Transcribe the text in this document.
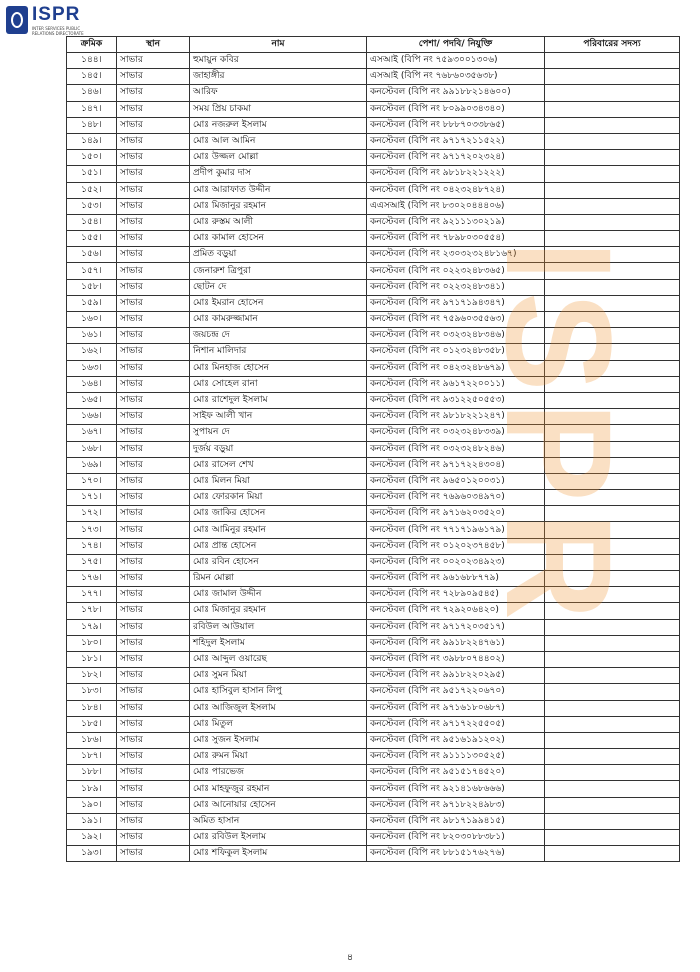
ISPR
INTER SERVICES PUBLIC RELATIONS DIRECTORATE
ক্রমিক	স্থান	নাম	পেশা/ পদবি/ নিযুক্তি	পরিবারের সদস্য
১৪৪।	সাভার	হুমায়ুন কবির	এসআই (বিপি নং ৭৫৯৩০০১৩০৬)	
১৪৫।	সাভার	জাহাঙ্গীর	এসআই (বিপি নং ৭৬৮৬০৩৫৬৩৮)	
১৪৬।	সাভার	আরিফ	কনস্টেবল (বিপি নং ৯৯১৮৮২১৪৬০০)	
১৪৭।	সাভার	সময় প্রিয় চাকমা	কনস্টেবল (বিপি নং ৮০৯৯০৩৪৩৪০)	
১৪৮।	সাভার	মোঃ নজরুল ইসলাম	কনস্টেবল (বিপি নং ৮৮৮৭০৩৩৮৬৫)	
১৪৯।	সাভার	মোঃ আল আমিন	কনস্টেবল (বিপি নং ৯৭১৭২১১৫২২)	
১৫০।	সাভার	মোঃ উজ্জল মোল্লা	কনস্টেবল (বিপি নং ৯৭১৭২০২৩২৪)	
১৫১।	সাভার	প্রদীপ কুমার দাস	কনস্টেবল (বিপি নং ৯৮১৮২২১২২২)	
১৫২।	সাভার	মোঃ আরাফাত উদ্দীন	কনস্টেবল (বিপি নং ০৪২৩২৪৮৭২৪)	
১৫৩।	সাভার	মোঃ মিজানুর রহমান	এএসআই (বিপি নং ৮৩০২০৪৪৪০৬)	
১৫৪।	সাভার	মোঃ রুস্তম আলী	কনস্টেবল (বিপি নং ৯২১১১৩০২১৯)	
১৫৫।	সাভার	মোঃ কামাল হোসেন	কনস্টেবল (বিপি নং ৭৮৯৮০৩০৫৫৪)	
১৫৬।	সাভার	প্রমিত বড়ুয়া	কনস্টেবল (বিপি নং ২৩০৩২৩২৪৮১৬৭)	
১৫৭।	সাভার	জেনারুশ ত্রিপুরা	কনস্টেবল (বিপি নং ০২২৩২৪৮৩৬৫)	
১৫৮।	সাভার	ছোটন দে	কনস্টেবল (বিপি নং ০২২৩২৪৮৩৪১)	
১৫৯।	সাভার	মোঃ ইমরান হোসেন	কনস্টেবল (বিপি নং ৯৭১৭১৯৪৩৪৭)	
১৬০।	সাভার	মোঃ কামরুজ্জামান	কনস্টেবল (বিপি নং ৭৫৯৬০৩৫৫৬৩)	
১৬১।	সাভার	জয়চন্দ্র দে	কনস্টেবল (বিপি নং ০৩২৩২৪৮৩৪৬)	
১৬২।	সাভার	নিশান মালিদার	কনস্টেবল (বিপি নং ০১২৩২৪৮৩৫৮)	
১৬৩।	সাভার	মোঃ মিনহাজ হোসেন	কনস্টেবল (বিপি নং ০৪২৩২৪৮৬৭৯)	
১৬৪।	সাভার	মোঃ সোহেল রানা	কনস্টেবল (বিপি নং ৯৬১৭২২০০১১)	
১৬৫।	সাভার	মোঃ রাশেদুল ইসলাম	কনস্টেবল (বিপি নং ৯৩১২২৫০৫৫৩)	
১৬৬।	সাভার	সাইফ আলী খান	কনস্টেবল (বিপি নং ৯৮১৮২২১২৪৭)	
১৬৭।	সাভার	সুপায়ন দে	কনস্টেবল (বিপি নং ০৩২৩২৪৮৩৩৯)	
১৬৮।	সাভার	দুর্জয় বড়ুয়া	কনস্টেবল (বিপি নং ০৩২৩২৪৮২৪৬)	
১৬৯।	সাভার	মোঃ রাসেল শেখ	কনস্টেবল (বিপি নং ৯৭১৭২২৪৩০৪)	
১৭০।	সাভার	মোঃ মিলন মিয়া	কনস্টেবল (বিপি নং ৯৬৫০১২০০৩১)	
১৭১।	সাভার	মোঃ ফোরকান মিয়া	কনস্টেবল (বিপি নং ৭৬৯৬০৩৪৯৭০)	
১৭২।	সাভার	মোঃ জাকির হোসেন	কনস্টেবল (বিপি নং ৯৭১৬২০৩৫২০)	
১৭৩।	সাভার	মোঃ আমিনুর রহমান	কনস্টেবল (বিপি নং ৭৭১৭১৯৬১৭৯)	
১৭৪।	সাভার	মোঃ প্রান্ত হোসেন	কনস্টেবল (বিপি নং ০১২০২৩৭৪৫৮)	
১৭৫।	সাভার	মোঃ রবিন হোসেন	কনস্টেবল (বিপি নং ০০২০২৩৪৯২৩)	
১৭৬।	সাভার	রিমন মোল্লা	কনস্টেবল (বিপি নং ৯৬১৬৮৮৭৭৯)	
১৭৭।	সাভার	মোঃ জামাল উদ্দীন	কনস্টেবল (বিপি নং ৭২৮৯০৯৫৪৫)	
১৭৮।	সাভার	মোঃ মিজানুর রহমান	কনস্টেবল (বিপি নং ৭২৯২০৬৪২০)	
১৭৯।	সাভার	রবিউল আউয়াল	কনস্টেবল (বিপি নং ৯৭১৭২০৩৫১৭)	
১৮০।	সাভার	শহিদুল ইসলাম	কনস্টেবল (বিপি নং ৯৯১৮২২৪৭৬১)	
১৮১।	সাভার	মোঃ আব্দুল ওয়ারেছ	কনস্টেবল (বিপি নং ৩৯৮৮০৭৪৪০২)	
১৮২।	সাভার	মোঃ সুমন মিয়া	কনস্টেবল (বিপি নং ৯৯১৮২২০২৯৫)	
১৮৩।	সাভার	মোঃ হাসিবুল হাসান লিপু	কনস্টেবল (বিপি নং ৯৫১৭২২০৬৭০)	
১৮৪।	সাভার	মোঃ আজিজুল ইসলাম	কনস্টেবল (বিপি নং ৯৭১৬১৮০৬৮৭)	
১৮৫।	সাভার	মোঃ মিতুল	কনস্টেবল (বিপি নং ৯৭১৭২২৫৫০৫)	
১৮৬।	সাভার	মোঃ সুজন ইসলাম	কনস্টেবল (বিপি নং ৯৫১৬১৯১২০২)	
১৮৭।	সাভার	মোঃ রুমন মিয়া	কনস্টেবল (বিপি নং ৯১১১১৩০৫২৫)	
১৮৮।	সাভার	মোঃ পারভেজ	কনস্টেবল (বিপি নং ৯৫১৫১৭৪৫২০)	
১৮৯।	সাভার	মোঃ মাহফুজুর রহমান	কনস্টেবল (বিপি নং ৯২১৪১৬৮৬৬৬)	
১৯০।	সাভার	মোঃ আনোয়ার হোসেন	কনস্টেবল (বিপি নং ৯৭১৮২২৪৯৮৩)	
১৯১।	সাভার	অমিত হাসান	কনস্টেবল (বিপি নং ৯৮১৭১৯৯৪১৫)	
১৯২।	সাভার	মোঃ রবিউল ইসলাম	কনস্টেবল (বিপি নং ৮২০৩০৮৮৩৮১)	
১৯৩।	সাভার	মোঃ শফিকুল ইসলাম	কনস্টেবল (বিপি নং ৮৮১৫১৭৬২৭৬)	
ISPR
৪
